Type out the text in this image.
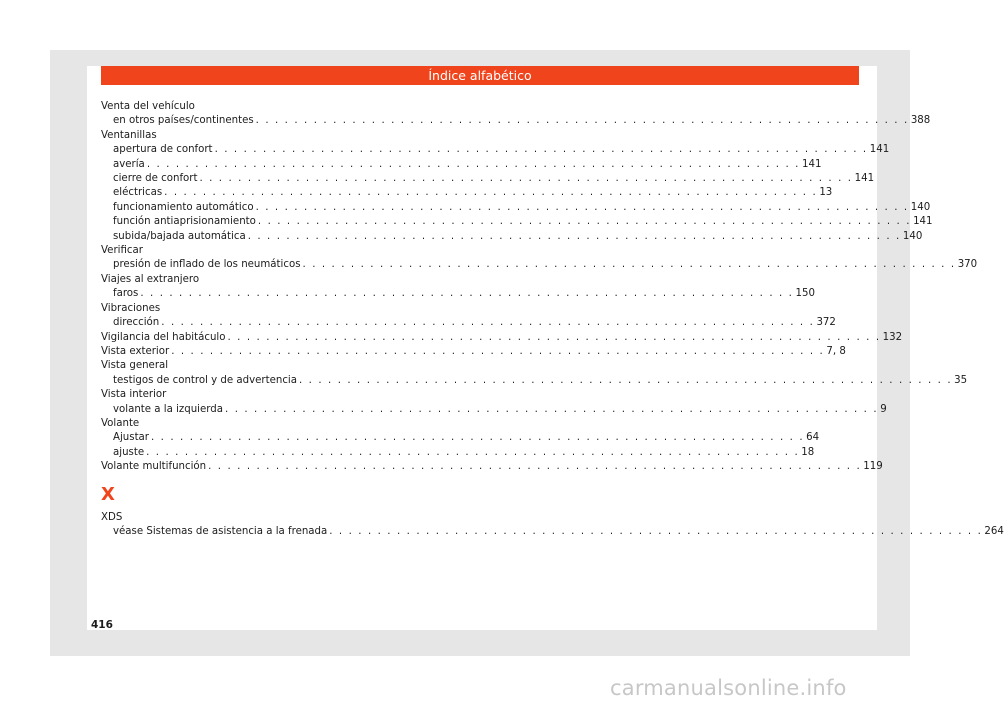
Índice alfabético
Venta del vehículo
en otros países/continentes . . . . . . . . . . . . . . . . . . . . . . . . . . . . . . . . . . . . . . . . . . . . . . . . . . . . . . . . . . . . . . . . . . . . 388
Ventanillas
apertura de confort . . . . . . . . . . . . . . . . . . . . . . . . . . . . . . . . . . . . . . . . . . . . . . . . . . . . . . . . . . . . . . . . . . . . 141
avería . . . . . . . . . . . . . . . . . . . . . . . . . . . . . . . . . . . . . . . . . . . . . . . . . . . . . . . . . . . . . . . . . . . . 141
cierre de confort . . . . . . . . . . . . . . . . . . . . . . . . . . . . . . . . . . . . . . . . . . . . . . . . . . . . . . . . . . . . . . . . . . . . 141
eléctricas . . . . . . . . . . . . . . . . . . . . . . . . . . . . . . . . . . . . . . . . . . . . . . . . . . . . . . . . . . . . . . . . . . . . 13
funcionamiento automático . . . . . . . . . . . . . . . . . . . . . . . . . . . . . . . . . . . . . . . . . . . . . . . . . . . . . . . . . . . . . . . . . . . . 140
función antiaprisionamiento . . . . . . . . . . . . . . . . . . . . . . . . . . . . . . . . . . . . . . . . . . . . . . . . . . . . . . . . . . . . . . . . . . . . 141
subida/bajada automática . . . . . . . . . . . . . . . . . . . . . . . . . . . . . . . . . . . . . . . . . . . . . . . . . . . . . . . . . . . . . . . . . . . . 140
Verificar
presión de inflado de los neumáticos . . . . . . . . . . . . . . . . . . . . . . . . . . . . . . . . . . . . . . . . . . . . . . . . . . . . . . . . . . . . . . . . . . . . 370
Viajes al extranjero
faros . . . . . . . . . . . . . . . . . . . . . . . . . . . . . . . . . . . . . . . . . . . . . . . . . . . . . . . . . . . . . . . . . . . . 150
Vibraciones
dirección . . . . . . . . . . . . . . . . . . . . . . . . . . . . . . . . . . . . . . . . . . . . . . . . . . . . . . . . . . . . . . . . . . . . 372
Vigilancia del habitáculo . . . . . . . . . . . . . . . . . . . . . . . . . . . . . . . . . . . . . . . . . . . . . . . . . . . . . . . . . . . . . . . . . . . . 132
Vista exterior . . . . . . . . . . . . . . . . . . . . . . . . . . . . . . . . . . . . . . . . . . . . . . . . . . . . . . . . . . . . . . . . . . . . 7, 8
Vista general
testigos de control y de advertencia . . . . . . . . . . . . . . . . . . . . . . . . . . . . . . . . . . . . . . . . . . . . . . . . . . . . . . . . . . . . . . . . . . . . 35
Vista interior
volante a la izquierda . . . . . . . . . . . . . . . . . . . . . . . . . . . . . . . . . . . . . . . . . . . . . . . . . . . . . . . . . . . . . . . . . . . . 9
Volante
Ajustar . . . . . . . . . . . . . . . . . . . . . . . . . . . . . . . . . . . . . . . . . . . . . . . . . . . . . . . . . . . . . . . . . . . . 64
ajuste . . . . . . . . . . . . . . . . . . . . . . . . . . . . . . . . . . . . . . . . . . . . . . . . . . . . . . . . . . . . . . . . . . . . 18
Volante multifunción . . . . . . . . . . . . . . . . . . . . . . . . . . . . . . . . . . . . . . . . . . . . . . . . . . . . . . . . . . . . . . . . . . . . 119
X
XDS
véase Sistemas de asistencia a la frenada . . . . . . . . . . . . . . . . . . . . . . . . . . . . . . . . . . . . . . . . . . . . . . . . . . . . . . . . . . . . . . . . . . . . 264
416
carmanualsonline.info
